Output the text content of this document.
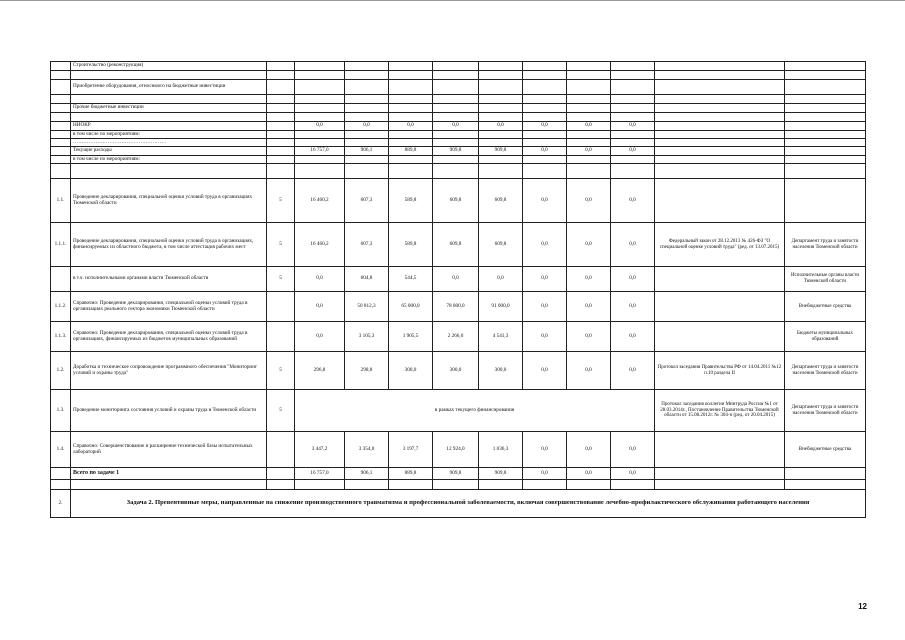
	Строительство (реконструкция)											

	Приобретение оборудования, относимого на бюджетные инвестиции											

	Прочие бюджетные инвестиции											

	НИОКР		0,0	0,0	0,0	0,0	0,0	0,0	0,0	0,0		
	в том числе по мероприятиям:											
	………………………………………………											
	Текущие расходы		16 757,0	906,1	889,8	909,8	909,8	0,0	0,0	0,0		
	в том числе по мероприятиям:											

1.1.	Проведение декларирования, специальной оценки условий труда в организациях Тюменской области	5	16 460,2	607,3	589,8	609,8	609,8	0,0	0,0	0,0		
1.1.1.	Проведение декларирования, специальной оценки условий труда в организациях, финансируемых из областного бюджета, в том числе аттестация рабочих мест	5	16 460,2	607,3	589,8	609,8	609,8	0,0	0,0	0,0	Федеральный закон от 28.12.2013 № 426-ФЗ "О специальной оценке условий труда" (ред. от 13.07.2015)	Департамент труда и занятости населения Тюменской области
	в т.ч. исполнительными органами власти Тюменской области	5	0,0	604,8	544,5	0,0	0,0	0,0	0,0	0,0		Исполнительные органы власти Тюменской области
1.1.2.	Справочно: Проведение декларирования, специальной оценки условий труда в организациях реального сектора экономики Тюменской области		0,0	50 812,3	65 000,0	78 000,0	91 000,0	0,0	0,0	0,0		Внебюджетные средства
1.1.3.	Справочно: Проведение декларирования, специальной оценки условий труда в организациях, финансируемых из бюджетов муниципальных образований		0,0	3 105,3	1 905,5	2 266,0	4 541,3	0,0	0,0	0,0		Бюджеты муниципальных образований
1.2.	Доработка и техническое сопровождение программного обеспечения "Мониторинг условий и охраны труда"	5	296,8	298,8	300,0	300,0	300,0	0,0	0,0	0,0	Протокол заседания Правительства РФ от 14.04.2011 №12 п.10 раздела II	Департамент труда и занятости населения Тюменской области
1.3.	Проведение мониторинга состояния условий и охраны труда в Тюменской области	5	в рамках текущего финансирования								Протокол заседания коллегии Минтруда России №1 от 28.03.2014г., Постановление Правительства Тюменской области от 15.08.2012г. № 304-п (ред. от 20.04.2015)	Департамент труда и занятости населения Тюменской области
1.4.	Справочно: Совершенствование и расширение технической базы испытательных лабораторий		3 447,2	3 354,0	3 197,7	12 924,0	1 036,3	0,0	0,0	0,0		Внебюджетные средства
	Всего по задаче 1		16 757,0	906,1	889,8	909,8	909,8	0,0	0,0	0,0		

2.	Задача 2. Превентивные меры, направленные на снижение производственного травматизма и профессиональной заболеваемости, включая совершенствование лечебно-профилактического обслуживания работающего населения											
12
